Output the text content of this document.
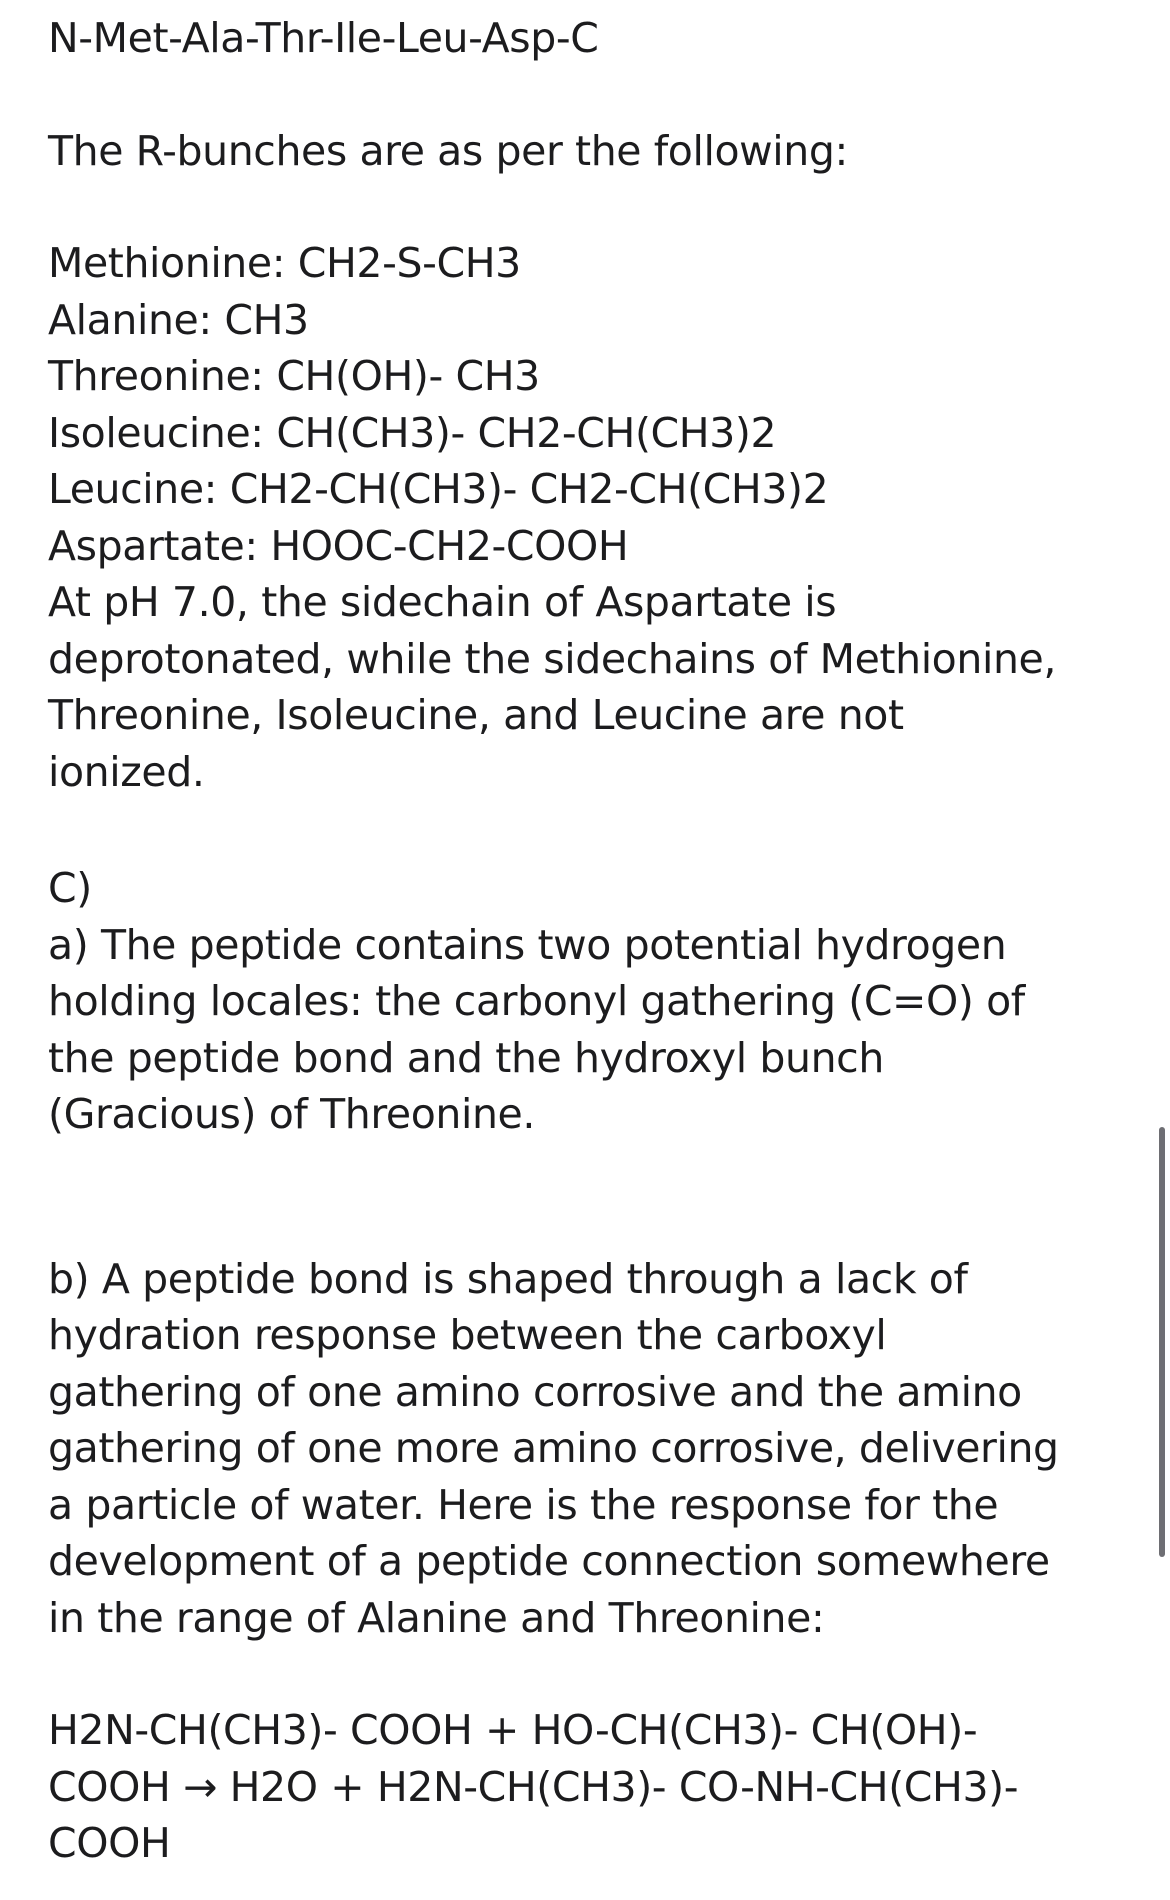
N-Met-Ala-Thr-Ile-Leu-Asp-C
The R-bunches are as per the following:
Methionine: CH2-S-CH3
Alanine: CH3
Threonine: CH(OH)- CH3
Isoleucine: CH(CH3)- CH2-CH(CH3)2
Leucine: CH2-CH(CH3)- CH2-CH(CH3)2
Aspartate: HOOC-CH2-COOH
At pH 7.0, the sidechain of Aspartate is
deprotonated, while the sidechains of Methionine,
Threonine, Isoleucine, and Leucine are not
ionized.
C)
a) The peptide contains two potential hydrogen
holding locales: the carbonyl gathering (C=O) of
the peptide bond and the hydroxyl bunch
(Gracious) of Threonine.
b) A peptide bond is shaped through a lack of
hydration response between the carboxyl
gathering of one amino corrosive and the amino
gathering of one more amino corrosive, delivering
a particle of water. Here is the response for the
development of a peptide connection somewhere
in the range of Alanine and Threonine:
H2N-CH(CH3)- COOH + HO-CH(CH3)- CH(OH)-
COOH → H2O + H2N-CH(CH3)- CO-NH-CH(CH3)-
COOH
